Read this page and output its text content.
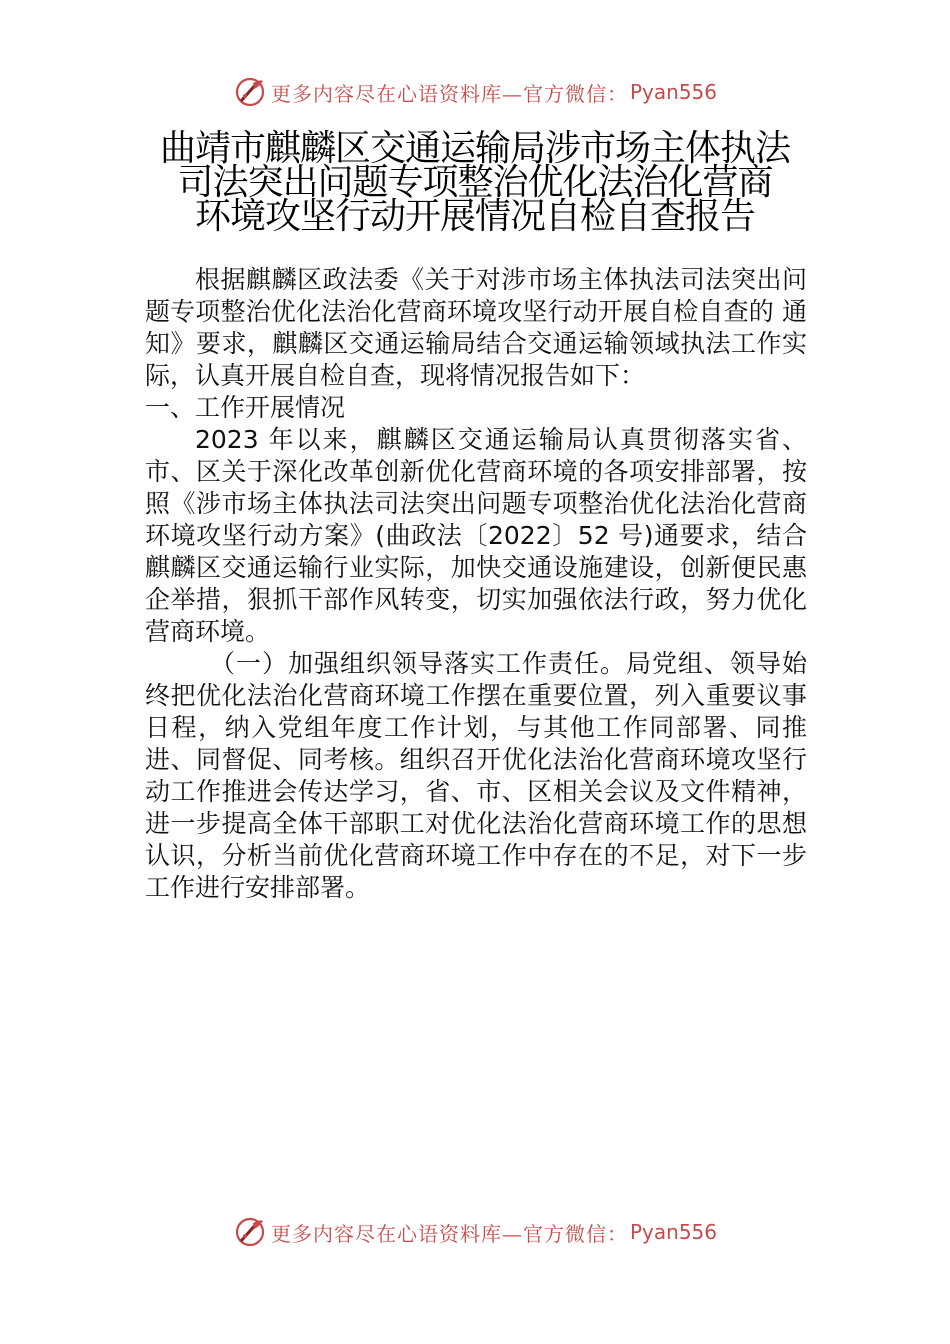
更多内容尽在心语资料库—官方微信： Pyan556
曲靖市麒麟区交通运输局涉市场主体执法
司法突出问题专项整治优化法治化营商
环境攻坚行动开展情况自检自查报告

根据麒麟区政法委《关于对涉市场主体执法司法突出问题专项整治优化法治化营商环境攻坚行动开展自检自查的 通知》要求，麒麟区交通运输局结合交通运输领域执法工作实际，认真开展自检自查，现将情况报告如下：

一、工作开展情况

2023 年以来，麒麟区交通运输局认真贯彻落实省、市、区关于深化改革创新优化营商环境的各项安排部署，按照《涉市场主体执法司法突出问题专项整治优化法治化营商 环境攻坚行动方案》(曲政法〔2022〕52 号)通要求，结合麒麟区交通运输行业实际，加快交通设施建设，创新便民惠企举措，狠抓干部作风转变，切实加强依法行政，努力优化营商环境。

（一）加强组织领导落实工作责任。局党组、领导始终把优化法治化营商环境工作摆在重要位置，列入重要议事日程，纳入党组年度工作计划，与其他工作同部署、同推进、同督促、同考核。组织召开优化法治化营商环境攻坚行动工作推进会传达学习，省、市、区相关会议及文件精神，进一步提高全体干部职工对优化法治化营商环境工作的思想认识，分析当前优化营商环境工作中存在的不足，对下一步工作进行安排部署。

更多内容尽在心语资料库—官方微信： Pyan556
